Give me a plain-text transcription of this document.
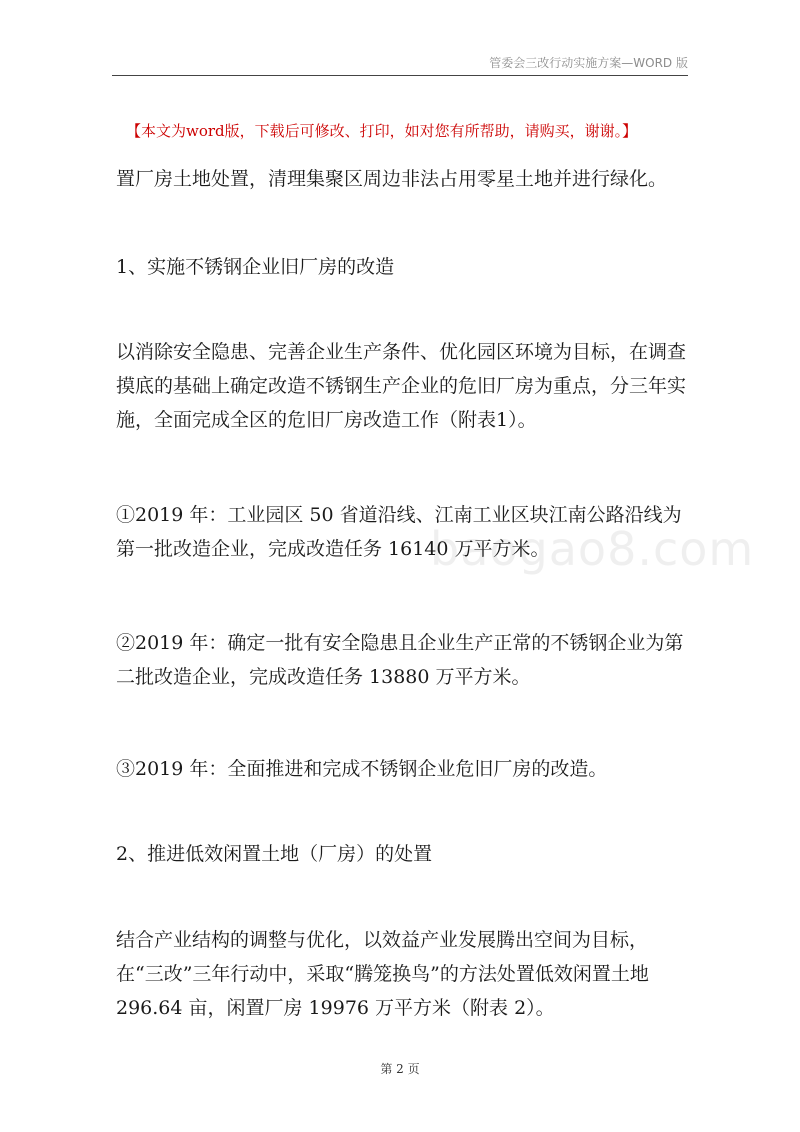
管委会三改行动实施方案—WORD 版
【本文为word版，下载后可修改、打印，如对您有所帮助，请购买，谢谢。】
baogao8.com

置厂房土地处置，清理集聚区周边非法占用零星土地并进行绿化。

1、实施不锈钢企业旧厂房的改造

以消除安全隐患、完善企业生产条件、优化园区环境为目标，在调查摸底的基础上确定改造不锈钢生产企业的危旧厂房为重点，分三年实施，全面完成全区的危旧厂房改造工作（附表1）。

①2019 年：工业园区 50 省道沿线、江南工业区块江南公路沿线为第一批改造企业，完成改造任务 16140 万平方米。

②2019 年：确定一批有安全隐患且企业生产正常的不锈钢企业为第二批改造企业，完成改造任务 13880 万平方米。

③2019 年：全面推进和完成不锈钢企业危旧厂房的改造。

2、推进低效闲置土地（厂房）的处置

结合产业结构的调整与优化，以效益产业发展腾出空间为目标，在“三改”三年行动中，采取“腾笼换鸟”的方法处置低效闲置土地 296.64 亩，闲置厂房 19976 万平方米（附表 2）。

第 2 页
